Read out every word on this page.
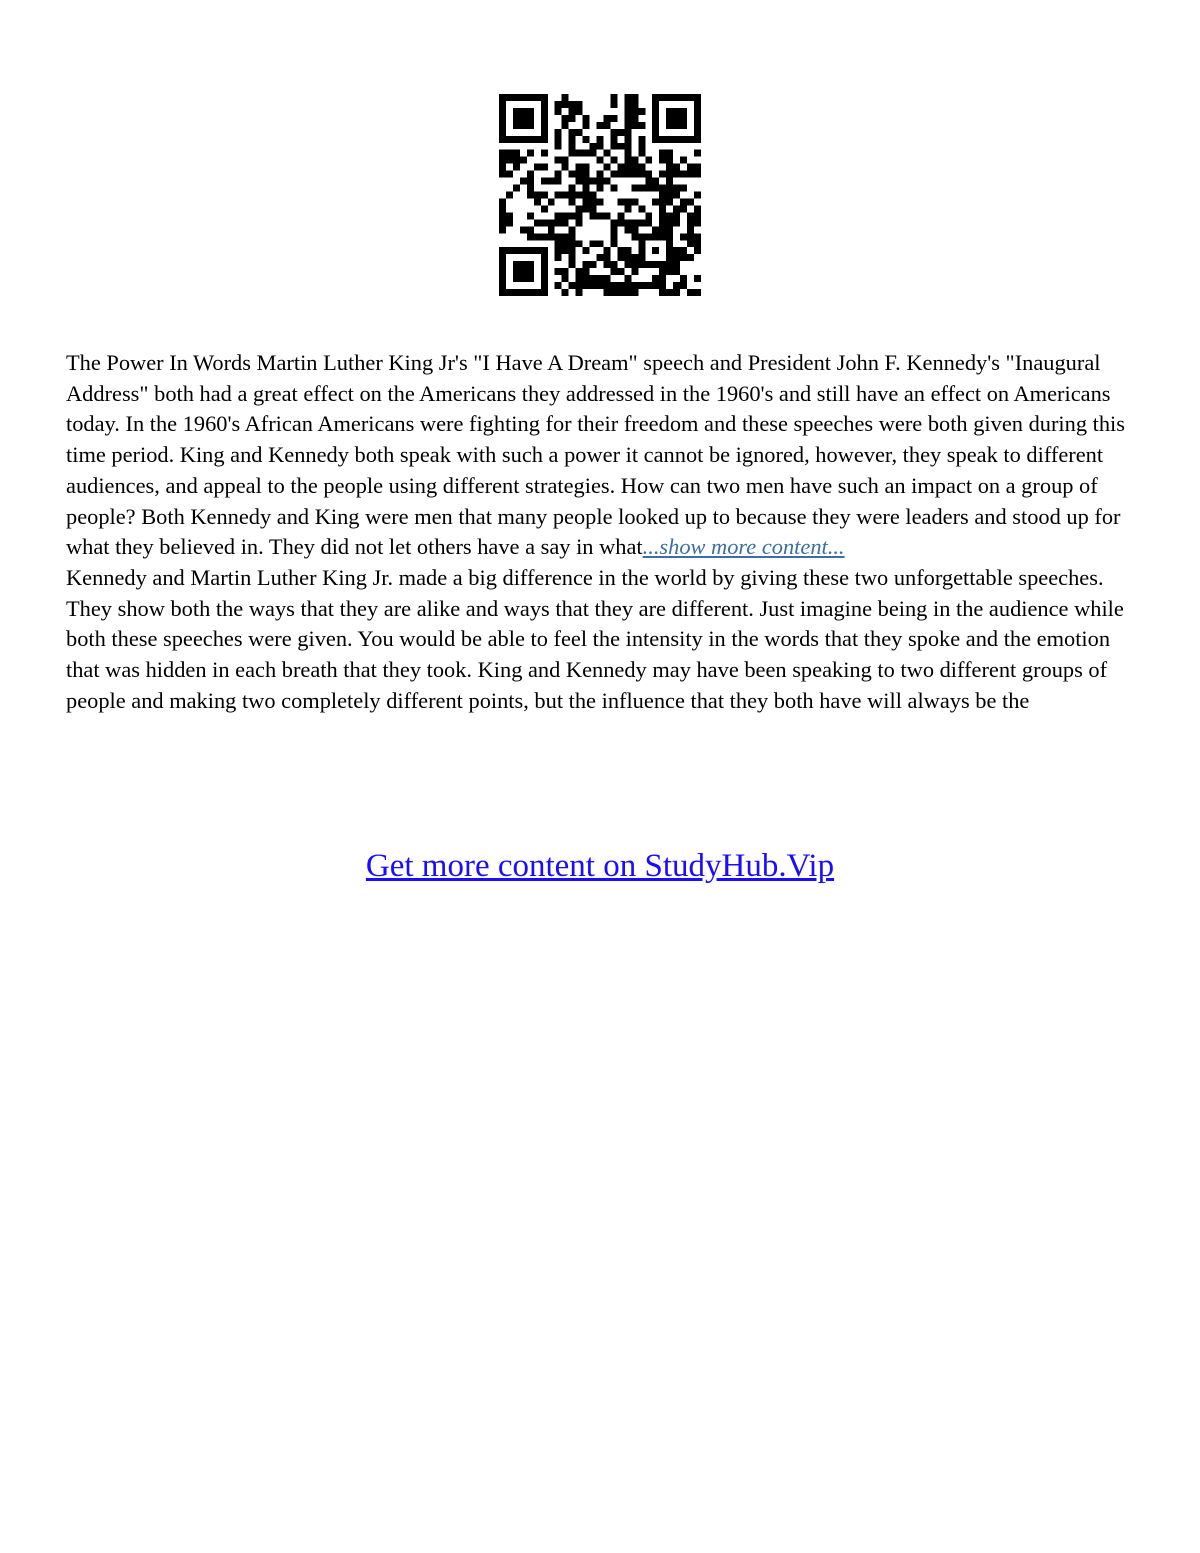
The Power In Words Martin Luther King Jr's "I Have A Dream" speech and President John F. Kennedy's "Inaugural Address" both had a great effect on the Americans they addressed in the 1960's and still have an effect on Americans today. In the 1960's African Americans were fighting for their freedom and these speeches were both given during this time period. King and Kennedy both speak with such a power it cannot be ignored, however, they speak to different audiences, and appeal to the people using different strategies. How can two men have such an impact on a group of people? Both Kennedy and King were men that many people looked up to because they were leaders and stood up for what they believed in. They did not let others have a say in what...show more content...

Kennedy and Martin Luther King Jr. made a big difference in the world by giving these two unforgettable speeches. They show both the ways that they are alike and ways that they are different. Just imagine being in the audience while both these speeches were given. You would be able to feel the intensity in the words that they spoke and the emotion that was hidden in each breath that they took. King and Kennedy may have been speaking to two different groups of people and making two completely different points, but the influence that they both have will always be the

Get more content on StudyHub.Vip
